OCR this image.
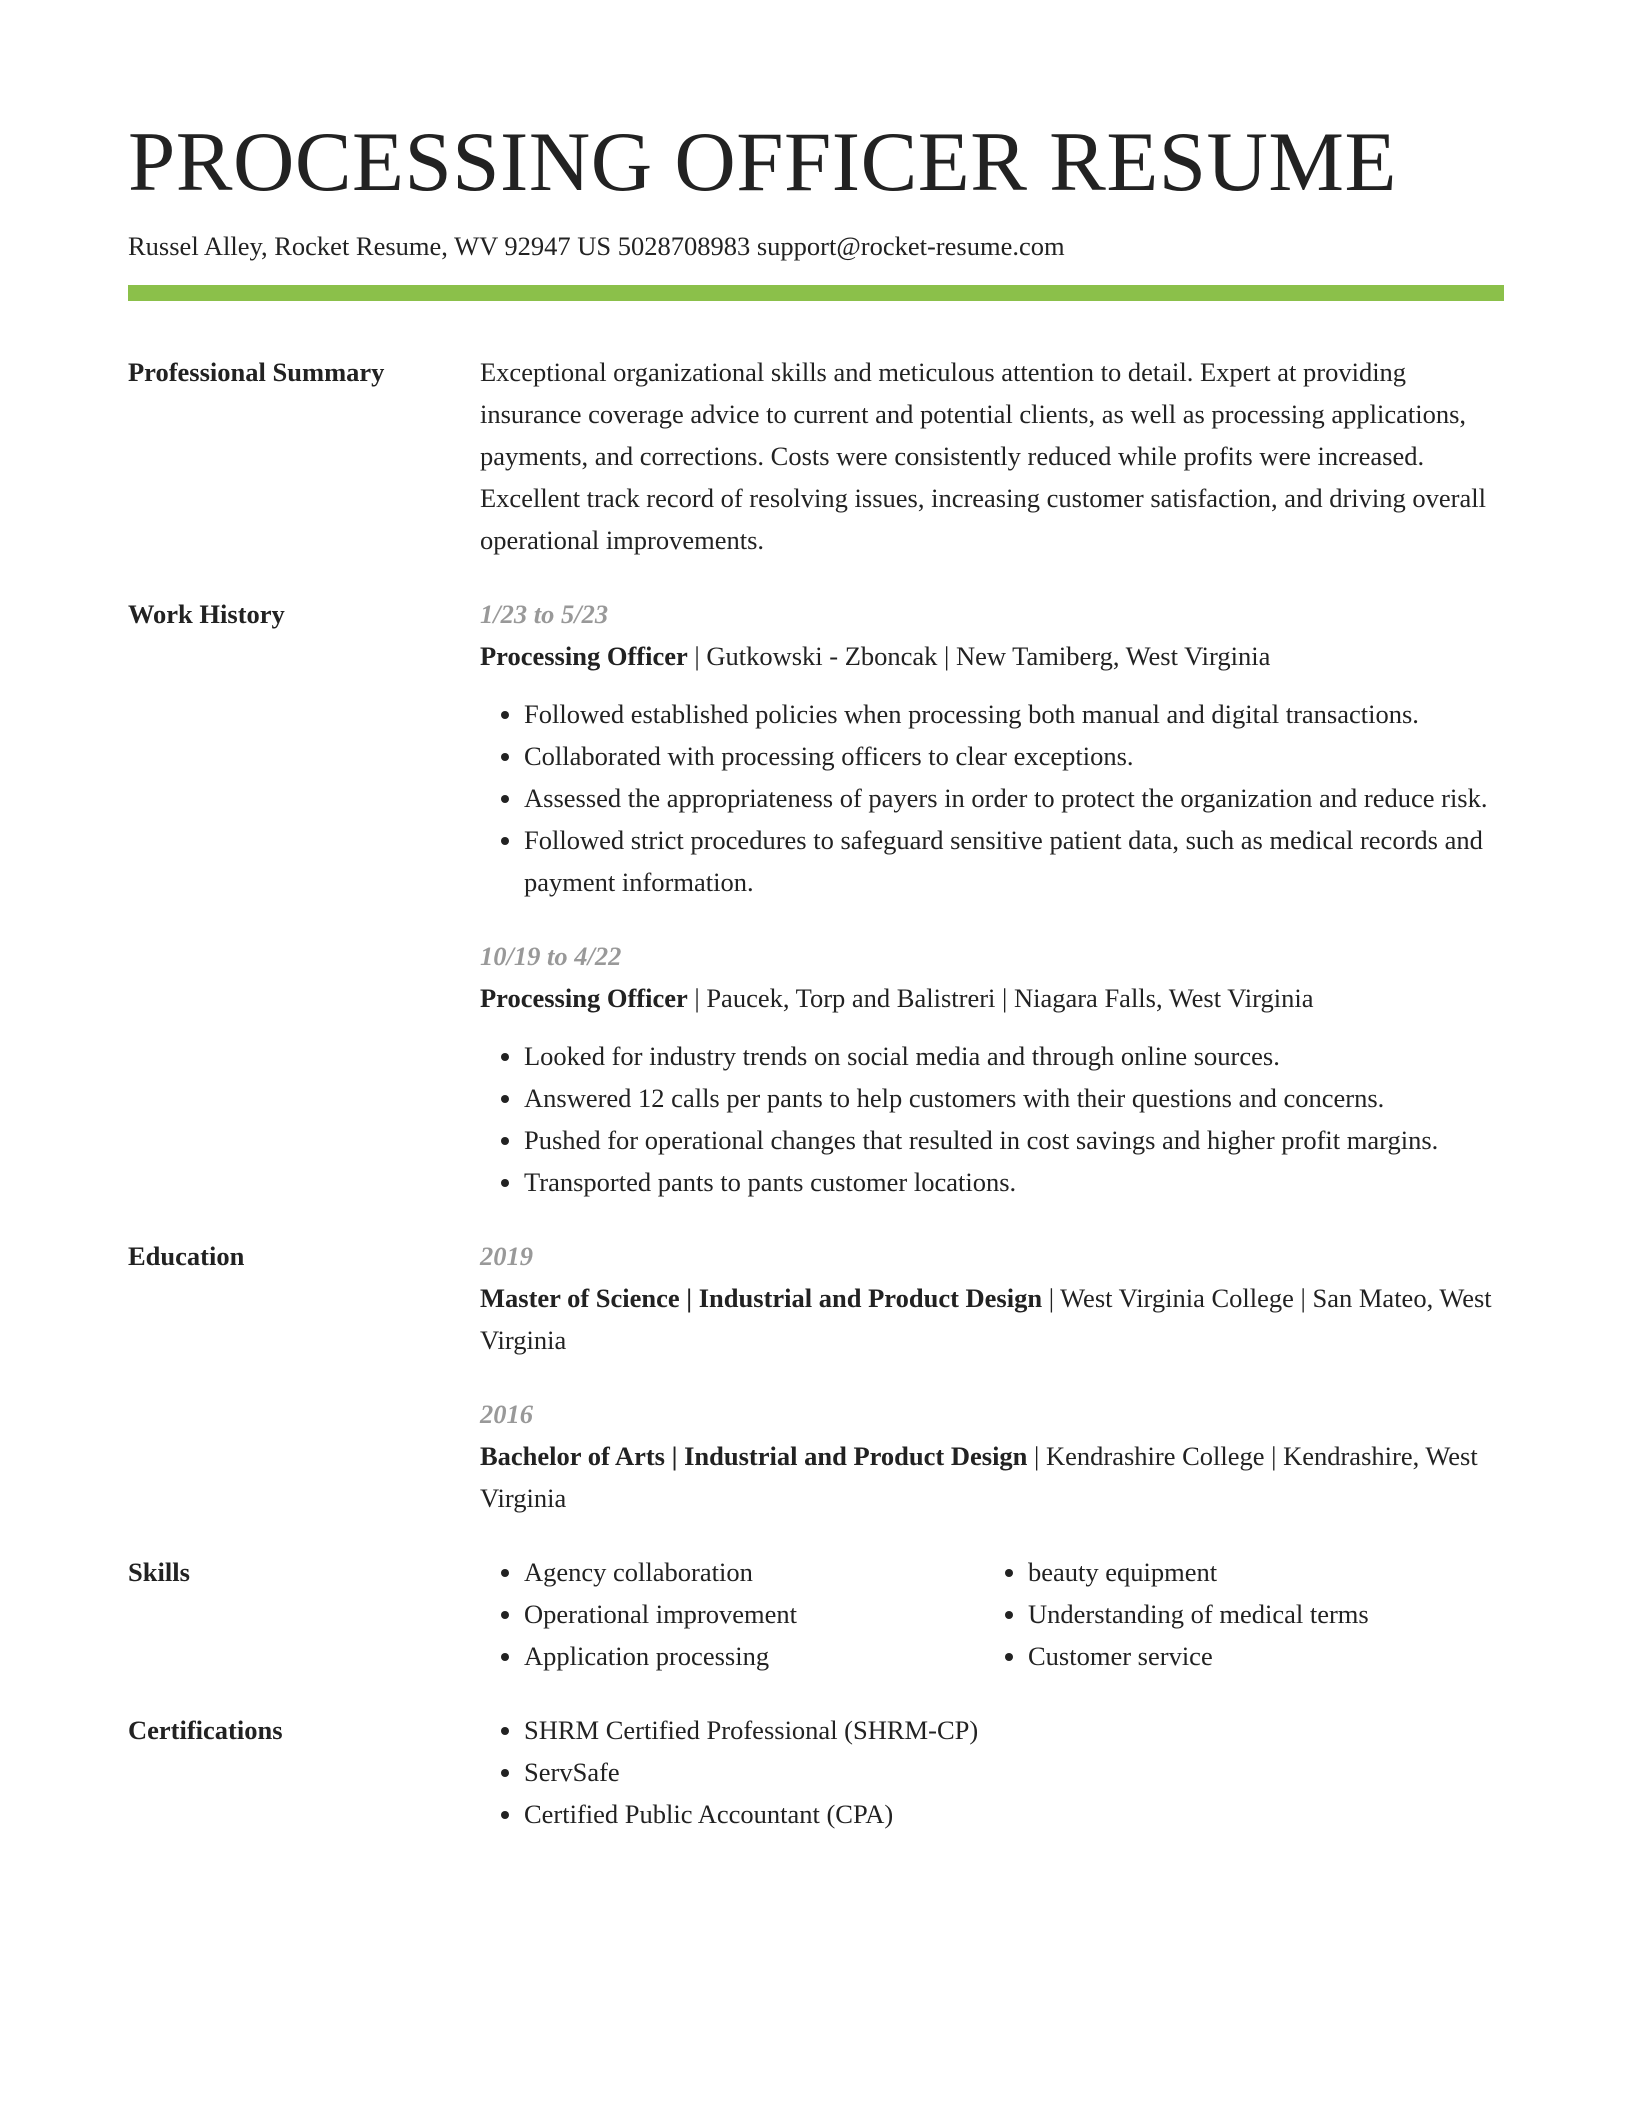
PROCESSING OFFICER RESUME
Russel Alley, Rocket Resume, WV 92947 US 5028708983 support@rocket-resume.com
Professional Summary	Exceptional organizational skills and meticulous attention to detail. Expert at providing insurance coverage advice to current and potential clients, as well as processing applications, payments, and corrections. Costs were consistently reduced while profits were increased. Excellent track record of resolving issues, increasing customer satisfaction, and driving overall operational improvements.

Work History	1/23 to 5/23
Processing Officer | Gutkowski - Zboncak | New Tamiberg, West Virginia
• Followed established policies when processing both manual and digital transactions.
• Collaborated with processing officers to clear exceptions.
• Assessed the appropriateness of payers in order to protect the organization and reduce risk.
• Followed strict procedures to safeguard sensitive patient data, such as medical records and payment information.
10/19 to 4/22
Processing Officer | Paucek, Torp and Balistreri | Niagara Falls, West Virginia
• Looked for industry trends on social media and through online sources.
• Answered 12 calls per pants to help customers with their questions and concerns.
• Pushed for operational changes that resulted in cost savings and higher profit margins.
• Transported pants to pants customer locations.
Education	2019
Master of Science | Industrial and Product Design | West Virginia College | San Mateo, West Virginia
2016
Bachelor of Arts | Industrial and Product Design | Kendrashire College | Kendrashire, West Virginia
Skills	• Agency collaboration
• Operational improvement
• Application processing
• beauty equipment
• Understanding of medical terms
• Customer service
Certifications	• SHRM Certified Professional (SHRM-CP)
• ServSafe
• Certified Public Accountant (CPA)
